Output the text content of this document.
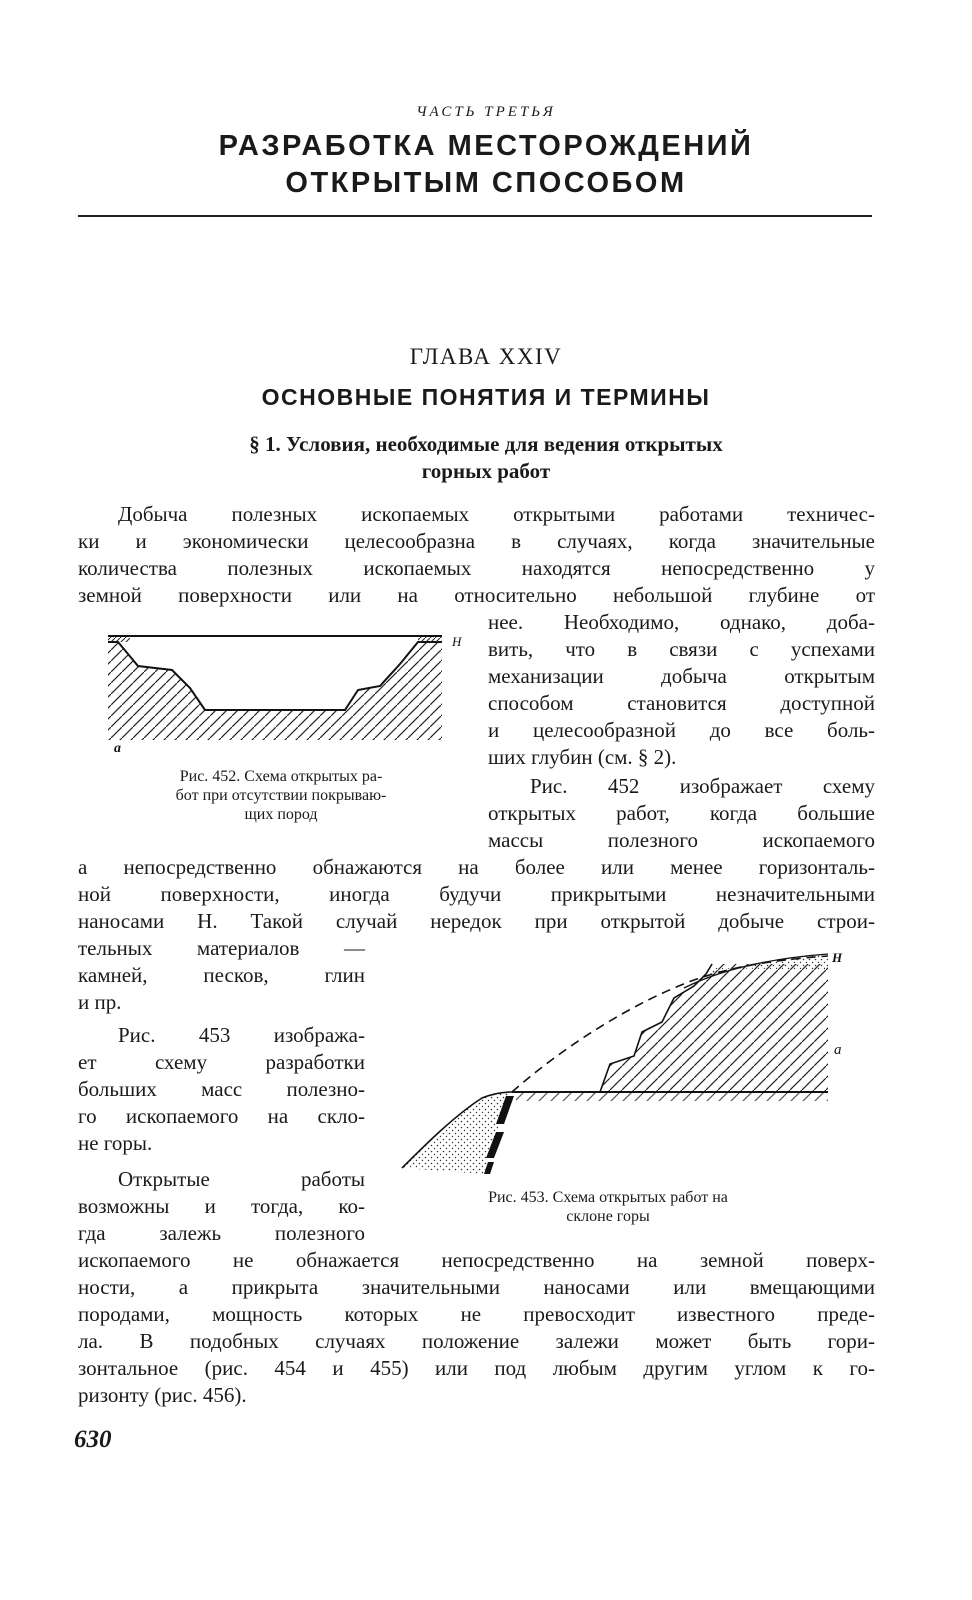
ЧАСТЬ ТРЕТЬЯ
РАЗРАБОТКА МЕСТОРОЖДЕНИЙ
ОТКРЫТЫМ СПОСОБОМ
ГЛАВА XXIV
ОСНОВНЫЕ ПОНЯТИЯ И ТЕРМИНЫ
§ 1. Условия, необходимые для ведения открытых
горных работ
Добыча полезных ископаемых открытыми работами техничес-
ки и экономически целесообразна в случаях, когда значительные
количества полезных ископаемых находятся непосредственно у
земной поверхности или на относительно небольшой глубине от
нее. Необходимо, однако, доба-
вить, что в связи с успехами
механизации добыча открытым
способом становится доступной
и целесообразной до все боль-
ших глубин (см. § 2).
Н
а
Рис. 452. Схема открытых ра-
бот при отсутствии покрываю-
щих пород
Рис. 452 изображает схему
открытых работ, когда большие
массы полезного ископаемого
а непосредственно обнажаются на более или менее горизонталь-
ной поверхности, иногда будучи прикрытыми незначительными
наносами Н. Такой случай нередок при открытой добыче строи-
тельных материалов —
камней, песков, глин
и пр.
Рис. 453 изобража-
ет схему разработки
больших масс полезно-
го ископаемого на скло-
не горы.
Н
а
Рис. 453. Схема открытых работ на
склоне горы
Открытые работы
возможны и тогда, ко-
гда залежь полезного
ископаемого не обнажается непосредственно на земной поверх-
ности, а прикрыта значительными наносами или вмещающими
породами, мощность которых не превосходит известного преде-
ла. В подобных случаях положение залежи может быть гори-
зонтальное (рис. 454 и 455) или под любым другим углом к го-
ризонту (рис. 456).
630
